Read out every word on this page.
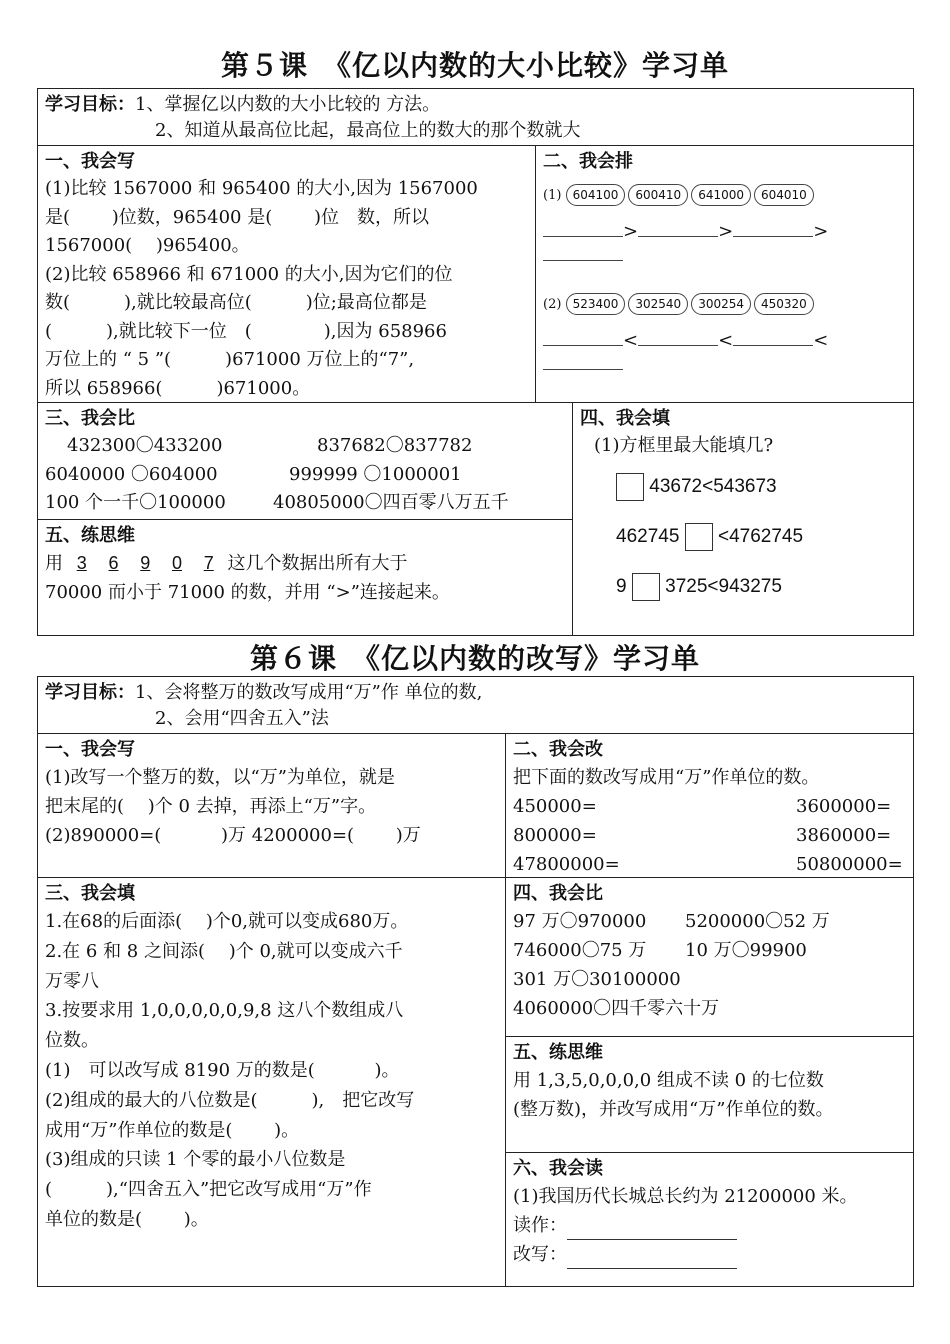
第５课　《亿以内数的大小比较》学习单
学习目标：1、掌握亿以内数的大小比较的 方法。
2、知道从最高位比起，最高位上的数大的那个数就大
一、我会写
(1)比较 1567000 和 965400 的大小,因为 1567000
是(　　 )位数，965400 是(　　 )位　数，所以
1567000(　 )965400。
(2)比较 658966 和 671000 的大小,因为它们的位
数(　　　),就比较最高位(　　　)位;最高位都是
(　　　),就比较下一位　(　　　　),因为 658966
万位上的 “ 5 ”(　　　)671000 万位上的“7”,
所以 658966(　　　)671000。
二、我会排
(1) 604100 600410 641000 604010
>	>	>

(2) 523400 302540 300254 450320
<	<	<

三、我会比
432300〇433200	837682〇837782
6040000 〇604000	999999 〇1000001
100 个一千〇100000	40805000〇四百零八万五千
五、练思维
用 3 6 9 0 7 这几个数据出所有大于
70000 而小于 71000 的数，并用 “>”连接起来。
四、我会填
(1)方框里最大能填几?
43672<543673
462745 <4762745
9 3725<943275
第６课　《亿以内数的改写》学习单
学习目标：1、会将整万的数改写成用“万”作 单位的数,
2、会用“四舍五入”法
一、我会写
(1)改写一个整万的数，以“万”为单位，就是
把末尾的(　 )个 0 去掉，再添上“万”字。
(2)890000=(　　　 )万 4200000=(　　 )万
二、我会改
把下面的数改写成用“万”作单位的数。
450000=	3600000=
800000=	3860000=
47800000=	50800000=
三、我会填
1.在68的后面添(　 )个0,就可以变成680万。
2.在 6 和 8 之间添(　 )个 0,就可以变成六千
万零八
3.按要求用 1,0,0,0,0,0,9,8 这八个数组成八
位数。
(1)　可以改写成 8190 万的数是(　　　 )。
(2)组成的最大的八位数是(　　　),　把它改写
成用“万”作单位的数是(　　 )。
(3)组成的只读 1 个零的最小八位数是
(　　　),“四舍五入”把它改写成用“万”作
单位的数是(　　 )。
四、我会比
97 万〇970000	5200000〇52 万
746000〇75 万	10 万〇99900
301 万〇30100000
4060000〇四千零六十万
五、练思维
用 1,3,5,0,0,0,0 组成不读 0 的七位数
(整万数)，并改写成用“万”作单位的数。
六、我会读
(1)我国历代长城总长约为 21200000 米。
读作：
改写：
